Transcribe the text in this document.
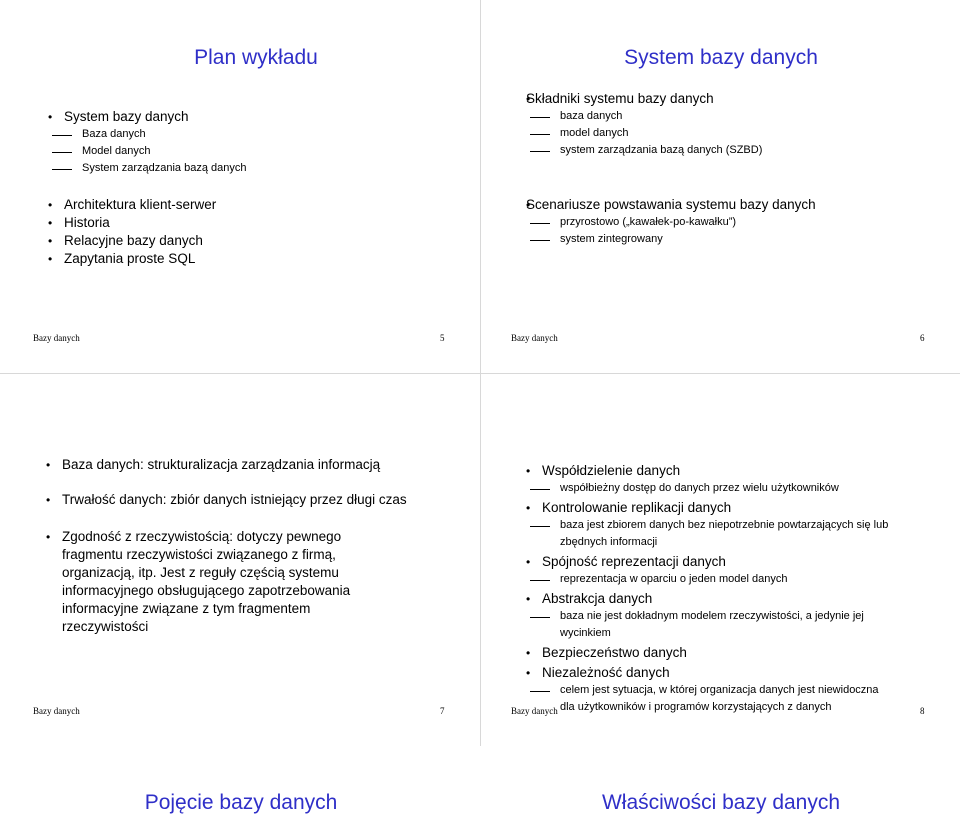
Plan wykładu
• System bazy danych
Baza danych
Model danych
System zarządzania bazą danych
• Architektura klient-serwer
• Historia
• Relacyjne bazy danych
• Zapytania proste SQL
Bazy danych	5
System bazy danych
• Składniki systemu bazy danych
baza danych
model danych
system zarządzania bazą danych (SZBD)
• Scenariusze powstawania systemu bazy danych
przyrostowo („kawałek-po-kawałku”)
system zintegrowany
Bazy danych	6
Pojęcie bazy danych
• Baza danych: strukturalizacja zarządzania informacją
• Trwałość danych: zbiór danych istniejący przez długi czas
• Zgodność z rzeczywistością: dotyczy pewnego fragmentu rzeczywistości związanego z firmą, organizacją, itp. Jest z reguły częścią systemu informacyjnego obsługującego zapotrzebowania informacyjne związane z tym fragmentem rzeczywistości
Bazy danych	7
Właściwości bazy danych
• Współdzielenie danych
współbieżny dostęp do danych przez wielu użytkowników
• Kontrolowanie replikacji danych
baza jest zbiorem danych bez niepotrzebnie powtarzających się lub zbędnych informacji
• Spójność reprezentacji danych
reprezentacja w oparciu o jeden model danych
• Abstrakcja danych
baza nie jest dokładnym modelem rzeczywistości, a jedynie jej wycinkiem
• Bezpieczeństwo danych
• Niezależność danych
celem jest sytuacja, w której organizacja danych jest niewidoczna dla użytkowników i programów korzystających z danych
Bazy danych	8
